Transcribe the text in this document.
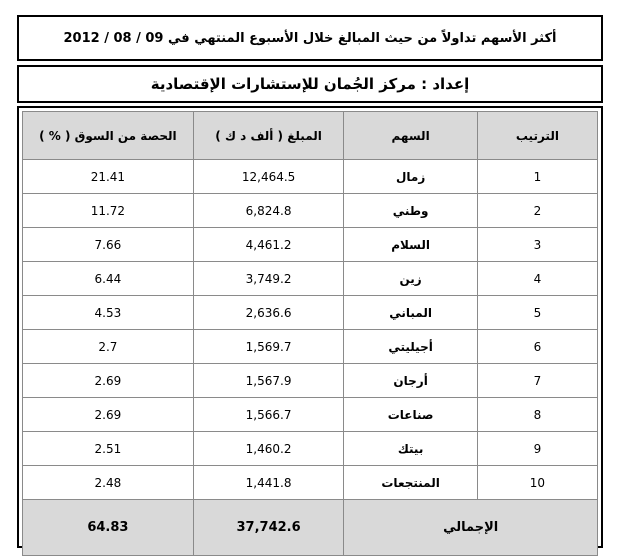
أكثر الأسهم تداولاً من حيث المبالغ خلال الأسبوع المنتهي في 09 / 08 / 2012
إعداد : مركز الجُمان للإستشارات الإقتصادية
الحصة من السوق ( % )	المبلغ ( ألف د ك )	السهم	الترتيب
21.41	12,464.5	زمال	1
11.72	6,824.8	وطني	2
7.66	4,461.2	السلام	3
6.44	3,749.2	زين	4
4.53	2,636.6	المباني	5
2.7	1,569.7	أجيليتي	6
2.69	1,567.9	أرجان	7
2.69	1,566.7	صناعات	8
2.51	1,460.2	بيتك	9
2.48	1,441.8	المنتجعات	10
64.83	37,742.6	الإجمالي	
